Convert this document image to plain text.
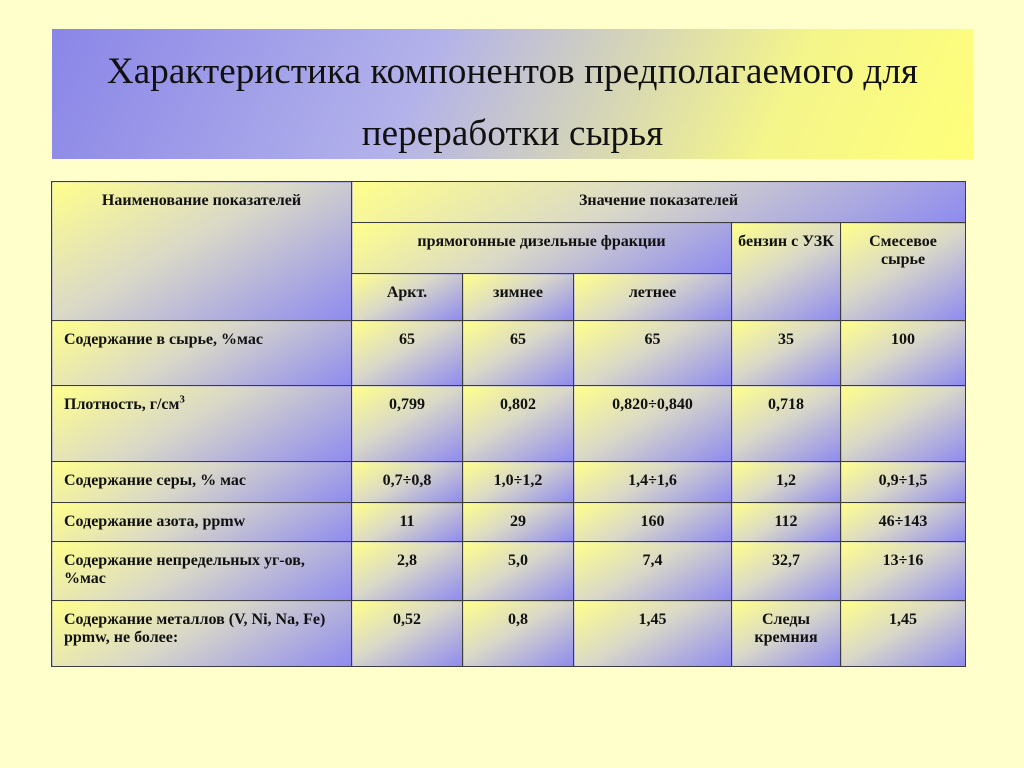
Характеристика компонентов предполагаемого для
переработки сырья
Наименование показателей	Значение показателей				
	прямогонные дизельные фракции			бензин с УЗК	Смесевое сырье
	Аркт.	зимнее	летнее		
Содержание в сырье, %мас	65	65	65	35	100
Плотность, $г/см^3$	0,799	0,802	0,820÷0,840	0,718	
Содержание серы, % мас	0,7÷0,8	1,0÷1,2	1,4÷1,6	1,2	0,9÷1,5
Содержание азота, ppmw	11	29	160	112	46÷143
Содержание непредельных уг-ов, %мас	2,8	5,0	7,4	32,7	13÷16
Содержание металлов (V, Ni, Na, Fe) ppmw, не более:	0,52	0,8	1,45	Следы кремния	1,45
